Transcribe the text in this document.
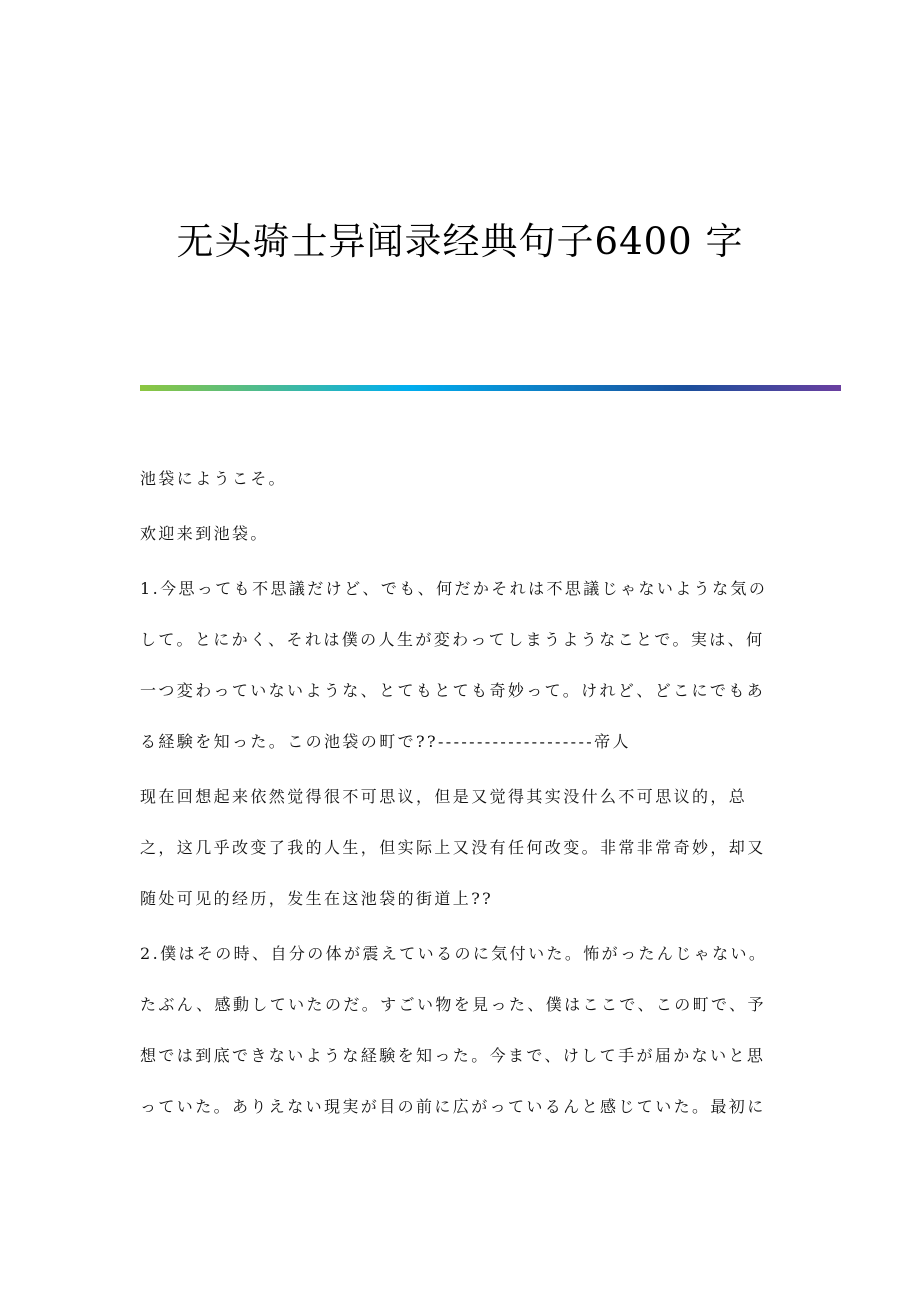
无头骑士异闻录经典句子6400 字

池袋にようこそ。

欢迎来到池袋。

1.今思っても不思議だけど、でも、何だかそれは不思議じゃないような気の
して。とにかく、それは僕の人生が変わってしまうようなことで。実は、何
一つ変わっていないような、とてもとても奇妙って。けれど、どこにでもあ
る経験を知った。この池袋の町で??--------------------帝人

现在回想起来依然觉得很不可思议，但是又觉得其实没什么不可思议的，总
之，这几乎改变了我的人生，但实际上又没有任何改变。非常非常奇妙，却又
随处可见的经历，发生在这池袋的街道上??

2.僕はその時、自分の体が震えているのに気付いた。怖がったんじゃない。
たぶん、感動していたのだ。すごい物を見った、僕はここで、この町で、予
想では到底できないような経験を知った。今まで、けして手が届かないと思
っていた。ありえない現実が目の前に広がっているんと感じていた。最初に
